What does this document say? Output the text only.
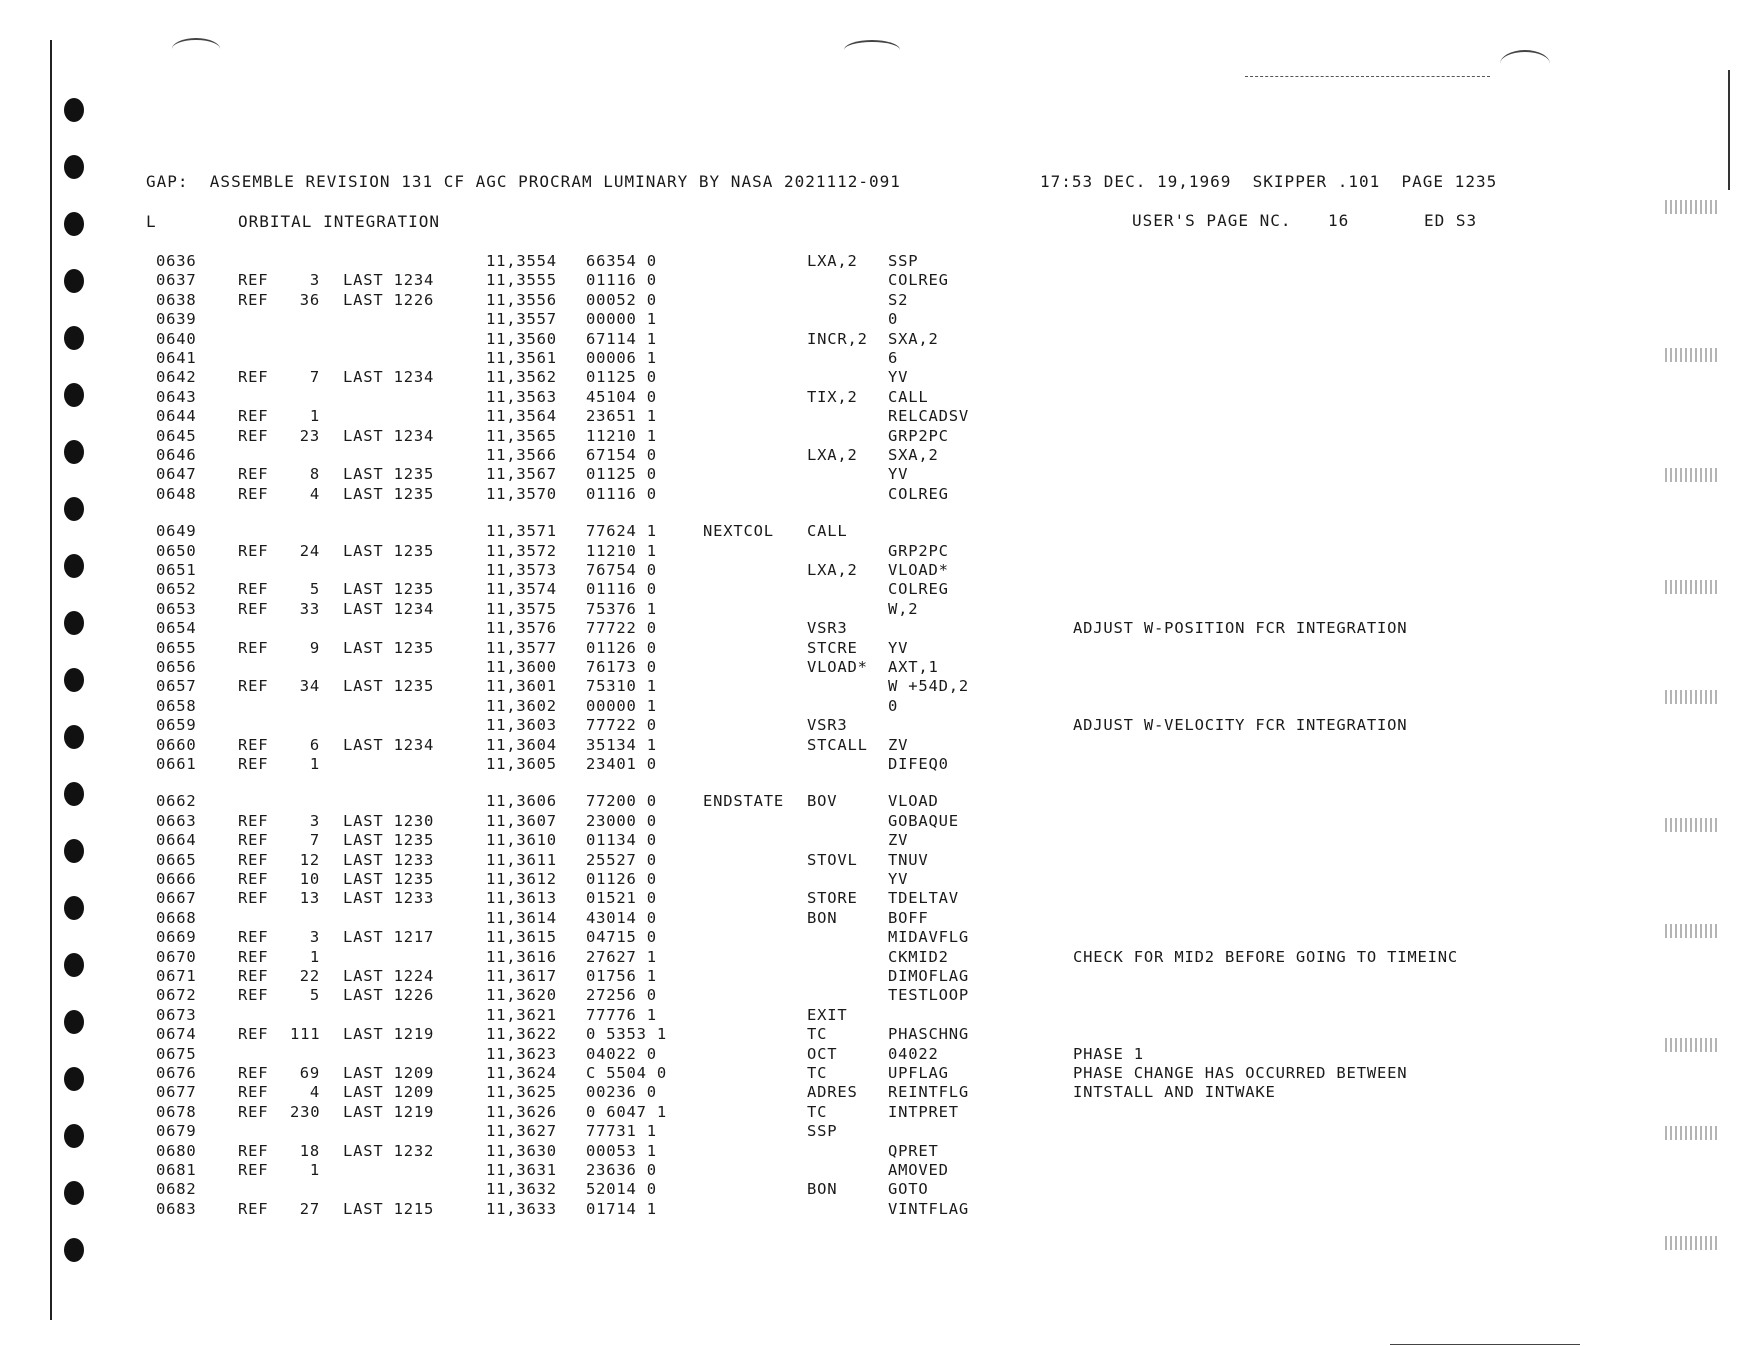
GAP:  ASSEMBLE REVISION 131 CF AGC PROCRAM LUMINARY BY NASA 2021112-091	17:53 DEC. 19,1969  SKIPPER .101  PAGE 1235
L	ORBITAL INTEGRATION	USER'S PAGE NC. 16	ED S3
0636	11,3554 66354 0	LXA,2 SSP
0637	REF	3 LAST 1234	11,3555 01116 0	COLREG
0638	REF	36 LAST 1226	11,3556 00052 0	S2
0639	11,3557 00000 1	0
0640	11,3560 67114 1	INCR,2 SXA,2
0641	11,3561 00006 1	6
0642	REF	7 LAST 1234	11,3562 01125 0	YV
0643	11,3563 45104 0	TIX,2 CALL
0644	REF	1	11,3564 23651 1	RELCADSV
0645	REF	23 LAST 1234	11,3565 11210 1	GRP2PC
0646	11,3566 67154 0	LXA,2 SXA,2
0647	REF	8 LAST 1235	11,3567 01125 0	YV
0648	REF	4 LAST 1235	11,3570 01116 0	COLREG
0649	11,3571 77624 1	NEXTCOL CALL
0650	REF	24 LAST 1235	11,3572 11210 1	GRP2PC
0651	11,3573 76754 0	LXA,2 VLOAD*
0652	REF	5 LAST 1235	11,3574 01116 0	COLREG
0653	REF	33 LAST 1234	11,3575 75376 1	W,2
0654	11,3576 77722 0	VSR3	ADJUST W-POSITION FCR INTEGRATION
0655	REF	9 LAST 1235	11,3577 01126 0	STCRE YV
0656	11,3600 76173 0	VLOAD* AXT,1
0657	REF	34 LAST 1235	11,3601 75310 1	W +54D,2
0658	11,3602 00000 1	0
0659	11,3603 77722 0	VSR3	ADJUST W-VELOCITY FCR INTEGRATION
0660	REF	6 LAST 1234	11,3604 35134 1	STCALL ZV
0661	REF	1	11,3605 23401 0	DIFEQ0
0662	11,3606 77200 0	ENDSTATE BOV	VLOAD
0663	REF	3 LAST 1230	11,3607 23000 0	GOBAQUE
0664	REF	7 LAST 1235	11,3610 01134 0	ZV
0665	REF	12 LAST 1233	11,3611 25527 0	STOVL TNUV
0666	REF	10 LAST 1235	11,3612 01126 0	YV
0667	REF	13 LAST 1233	11,3613 01521 0	STORE TDELTAV
0668	11,3614 43014 0	BON	BOFF
0669	REF	3 LAST 1217	11,3615 04715 0	MIDAVFLG
0670	REF	1	11,3616 27627 1	CKMID2	CHECK FOR MID2 BEFORE GOING TO TIMEINC
0671	REF	22 LAST 1224	11,3617 01756 1	DIMOFLAG
0672	REF	5 LAST 1226	11,3620 27256 0	TESTLOOP
0673	11,3621 77776 1	EXIT
0674	REF 111 LAST 1219	11,3622 0 5353 1	TC	PHASCHNG
0675	11,3623 04022 0	OCT	04022	PHASE 1
0676	REF	69 LAST 1209	11,3624 C 5504 0	TC	UPFLAG	PHASE CHANGE HAS OCCURRED BETWEEN
0677	REF	4 LAST 1209	11,3625 00236 0	ADRES REINTFLG	INTSTALL AND INTWAKE
0678	REF 230 LAST 1219	11,3626 0 6047 1	TC	INTPRET
0679	11,3627 77731 1	SSP
0680	REF	18 LAST 1232	11,3630 00053 1	QPRET
0681	REF	1	11,3631 23636 0	AMOVED
0682	11,3632 52014 0	BON	GOTO
0683	REF	27 LAST 1215	11,3633 01714 1	VINTFLAG
